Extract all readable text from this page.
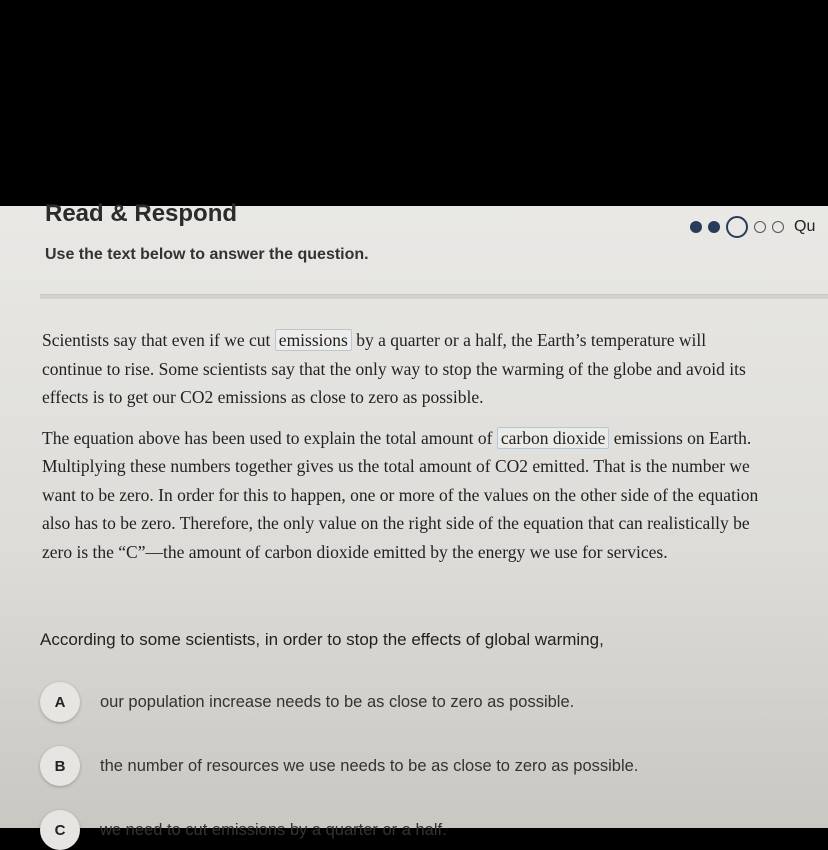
Read & Respond	Qu

Use the text below to answer the question.

Scientists say that even if we cut emissions by a quarter or a half, the Earth’s temperature will continue to rise. Some scientists say that the only way to stop the warming of the globe and avoid its effects is to get our CO2 emissions as close to zero as possible.

The equation above has been used to explain the total amount of carbon dioxide emissions on Earth. Multiplying these numbers together gives us the total amount of CO2 emitted. That is the number we want to be zero. In order for this to happen, one or more of the values on the other side of the equation also has to be zero. Therefore, the only value on the right side of the equation that can realistically be zero is the “C”—the amount of carbon dioxide emitted by the energy we use for services.

According to some scientists, in order to stop the effects of global warming,

A	our population increase needs to be as close to zero as possible.
B	the number of resources we use needs to be as close to zero as possible.
C	we need to cut emissions by a quarter or a half.
